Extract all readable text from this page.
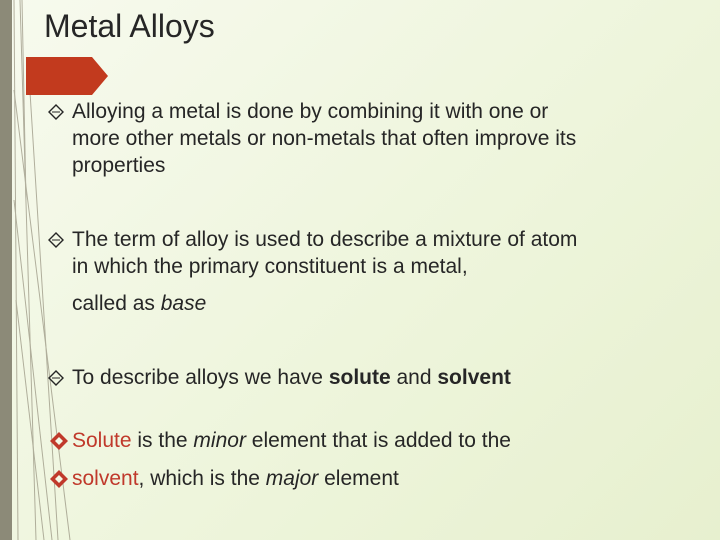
Metal Alloys
Alloying a metal is done by combining it with one or
more other metals or non-metals that often improve its
properties
The term of alloy is used to describe a mixture of atom
in which the primary constituent is a metal,
called as base
To describe alloys we have solute and solvent
Solute is the minor element that is added to the
solvent, which is the major element
